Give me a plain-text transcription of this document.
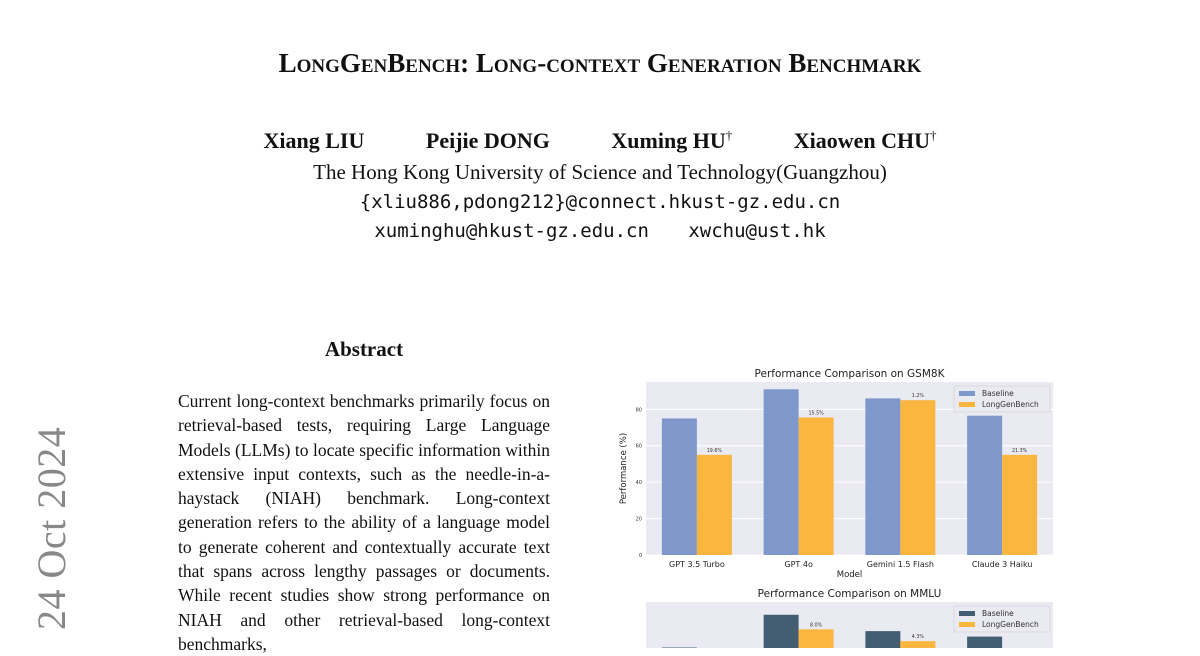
24 Oct 2024
LongGenBench: Long-context Generation Benchmark
Xiang LIU	Peijie DONG	Xuming HU†	Xiaowen CHU†
The Hong Kong University of Science and Technology(Guangzhou)
{xliu886,pdong212}@connect.hkust-gz.edu.cn
xuminghu@hkust-gz.edu.cn xwchu@ust.hk
Abstract
Current long-context benchmarks primarily focus on retrieval-based tests, requiring Large Language Models (LLMs) to locate specific information within extensive input contexts, such as the needle-in-a-haystack (NIAH) benchmark. Long-context generation refers to the ability of a language model to generate coherent and contextually accurate text that spans across lengthy passages or documents. While recent studies show strong performance on NIAH and other retrieval-based long-context benchmarks,
0
20
40
60
80
Performance Comparison on GSM8K
19.6%
GPT 3.5 Turbo
15.5%
GPT 4o
1.2%
Gemini 1.5 Flash
21.3%
Claude 3 Haiku
Model
Performance (%)
Baseline
LongGenBench
Performance Comparison on MMLU
8.0%
4.3%
Baseline
LongGenBench
